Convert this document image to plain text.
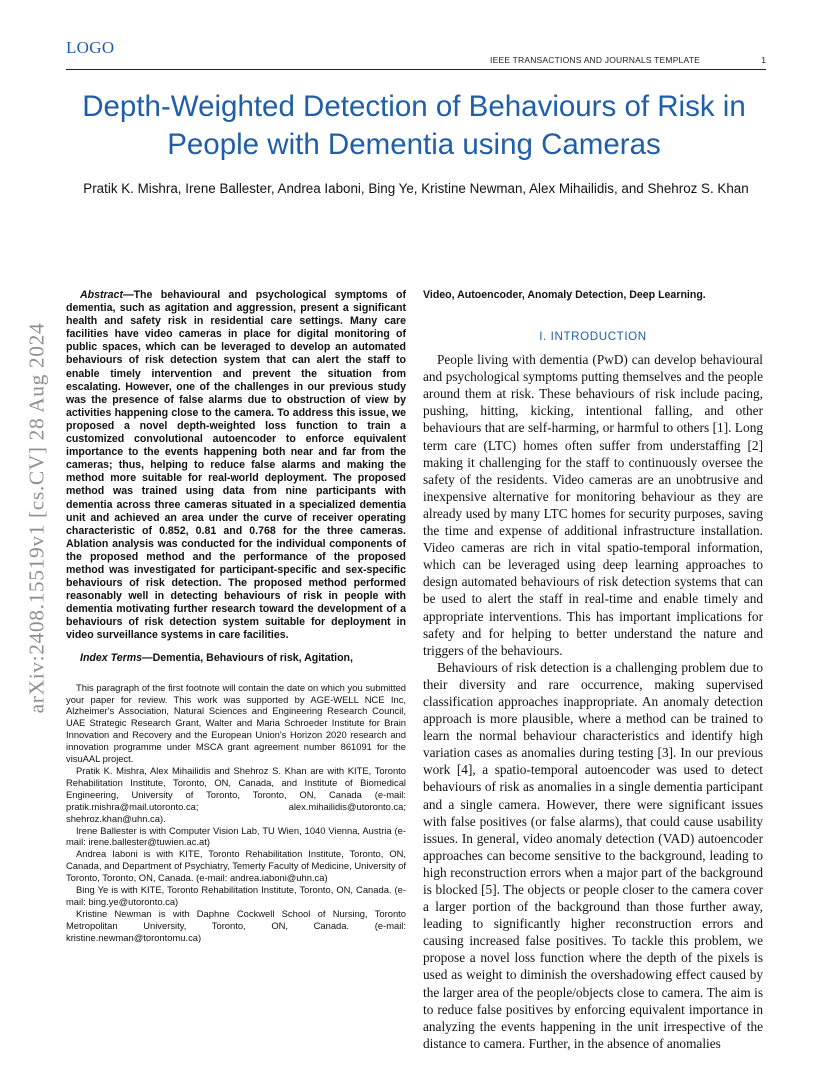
LOGO
IEEE TRANSACTIONS AND JOURNALS TEMPLATE	1
Depth-Weighted Detection of Behaviours of Risk in People with Dementia using Cameras
Pratik K. Mishra, Irene Ballester, Andrea Iaboni, Bing Ye, Kristine Newman, Alex Mihailidis, and Shehroz S. Khan
arXiv:2408.15519v1 [cs.CV] 28 Aug 2024

Abstract—The behavioural and psychological symptoms of dementia, such as agitation and aggression, present a significant health and safety risk in residential care settings. Many care facilities have video cameras in place for digital monitoring of public spaces, which can be leveraged to develop an automated behaviours of risk detection system that can alert the staff to enable timely intervention and prevent the situation from escalating. However, one of the challenges in our previous study was the presence of false alarms due to obstruction of view by activities happening close to the camera. To address this issue, we proposed a novel depth-weighted loss function to train a customized convolutional autoencoder to enforce equivalent importance to the events happening both near and far from the cameras; thus, helping to reduce false alarms and making the method more suitable for real-world deployment. The proposed method was trained using data from nine participants with dementia across three cameras situated in a specialized dementia unit and achieved an area under the curve of receiver operating characteristic of 0.852, 0.81 and 0.768 for the three cameras. Ablation analysis was conducted for the individual components of the proposed method and the performance of the proposed method was investigated for participant-specific and sex-specific behaviours of risk detection. The proposed method performed reasonably well in detecting behaviours of risk in people with dementia motivating further research toward the development of a behaviours of risk detection system suitable for deployment in video surveillance systems in care facilities.

Index Terms—Dementia, Behaviours of risk, Agitation,

This paragraph of the first footnote will contain the date on which you submitted your paper for review. This work was supported by AGE-WELL NCE Inc, Alzheimer's Association, Natural Sciences and Engineering Research Council, UAE Strategic Research Grant, Walter and Maria Schroeder Institute for Brain Innovation and Recovery and the European Union's Horizon 2020 research and innovation programme under MSCA grant agreement number 861091 for the visuAAL project.

Pratik K. Mishra, Alex Mihailidis and Shehroz S. Khan are with KITE, Toronto Rehabilitation Institute, Toronto, ON, Canada, and Institute of Biomedical Engineering, University of Toronto, Toronto, ON, Canada (e-mail: pratik.mishra@mail.utoronto.ca; alex.mihailidis@utoronto.ca; shehroz.khan@uhn.ca).

Irene Ballester is with Computer Vision Lab, TU Wien, 1040 Vienna, Austria (e-mail: irene.ballester@tuwien.ac.at)

Andrea Iaboni is with KITE, Toronto Rehabilitation Institute, Toronto, ON, Canada, and Department of Psychiatry, Temerty Faculty of Medicine, University of Toronto, Toronto, ON, Canada. (e-mail: andrea.iaboni@uhn.ca)

Bing Ye is with KITE, Toronto Rehabilitation Institute, Toronto, ON, Canada. (e-mail: bing.ye@utoronto.ca)

Kristine Newman is with Daphne Cockwell School of Nursing, Toronto Metropolitan University, Toronto, ON, Canada. (e-mail: kristine.newman@torontomu.ca)

Video, Autoencoder, Anomaly Detection, Deep Learning.
I. INTRODUCTION

People living with dementia (PwD) can develop behavioural and psychological symptoms putting themselves and the people around them at risk. These behaviours of risk include pacing, pushing, hitting, kicking, intentional falling, and other behaviours that are self-harming, or harmful to others [1]. Long term care (LTC) homes often suffer from understaffing [2] making it challenging for the staff to continuously oversee the safety of the residents. Video cameras are an unobtrusive and inexpensive alternative for monitoring behaviour as they are already used by many LTC homes for security purposes, saving the time and expense of additional infrastructure installation. Video cameras are rich in vital spatio-temporal information, which can be leveraged using deep learning approaches to design automated behaviours of risk detection systems that can be used to alert the staff in real-time and enable timely and appropriate interventions. This has important implications for safety and for helping to better understand the nature and triggers of the behaviours.

Behaviours of risk detection is a challenging problem due to their diversity and rare occurrence, making supervised classification approaches inappropriate. An anomaly detection approach is more plausible, where a method can be trained to learn the normal behaviour characteristics and identify high variation cases as anomalies during testing [3]. In our previous work [4], a spatio-temporal autoencoder was used to detect behaviours of risk as anomalies in a single dementia participant and a single camera. However, there were significant issues with false positives (or false alarms), that could cause usability issues. In general, video anomaly detection (VAD) autoencoder approaches can become sensitive to the background, leading to high reconstruction errors when a major part of the background is blocked [5]. The objects or people closer to the camera cover a larger portion of the background than those further away, leading to significantly higher reconstruction errors and causing increased false positives. To tackle this problem, we propose a novel loss function where the depth of the pixels is used as weight to diminish the overshadowing effect caused by the larger area of the people/objects close to camera. The aim is to reduce false positives by enforcing equivalent importance in analyzing the events happening in the unit irrespective of the distance to camera. Further, in the absence of anomalies
